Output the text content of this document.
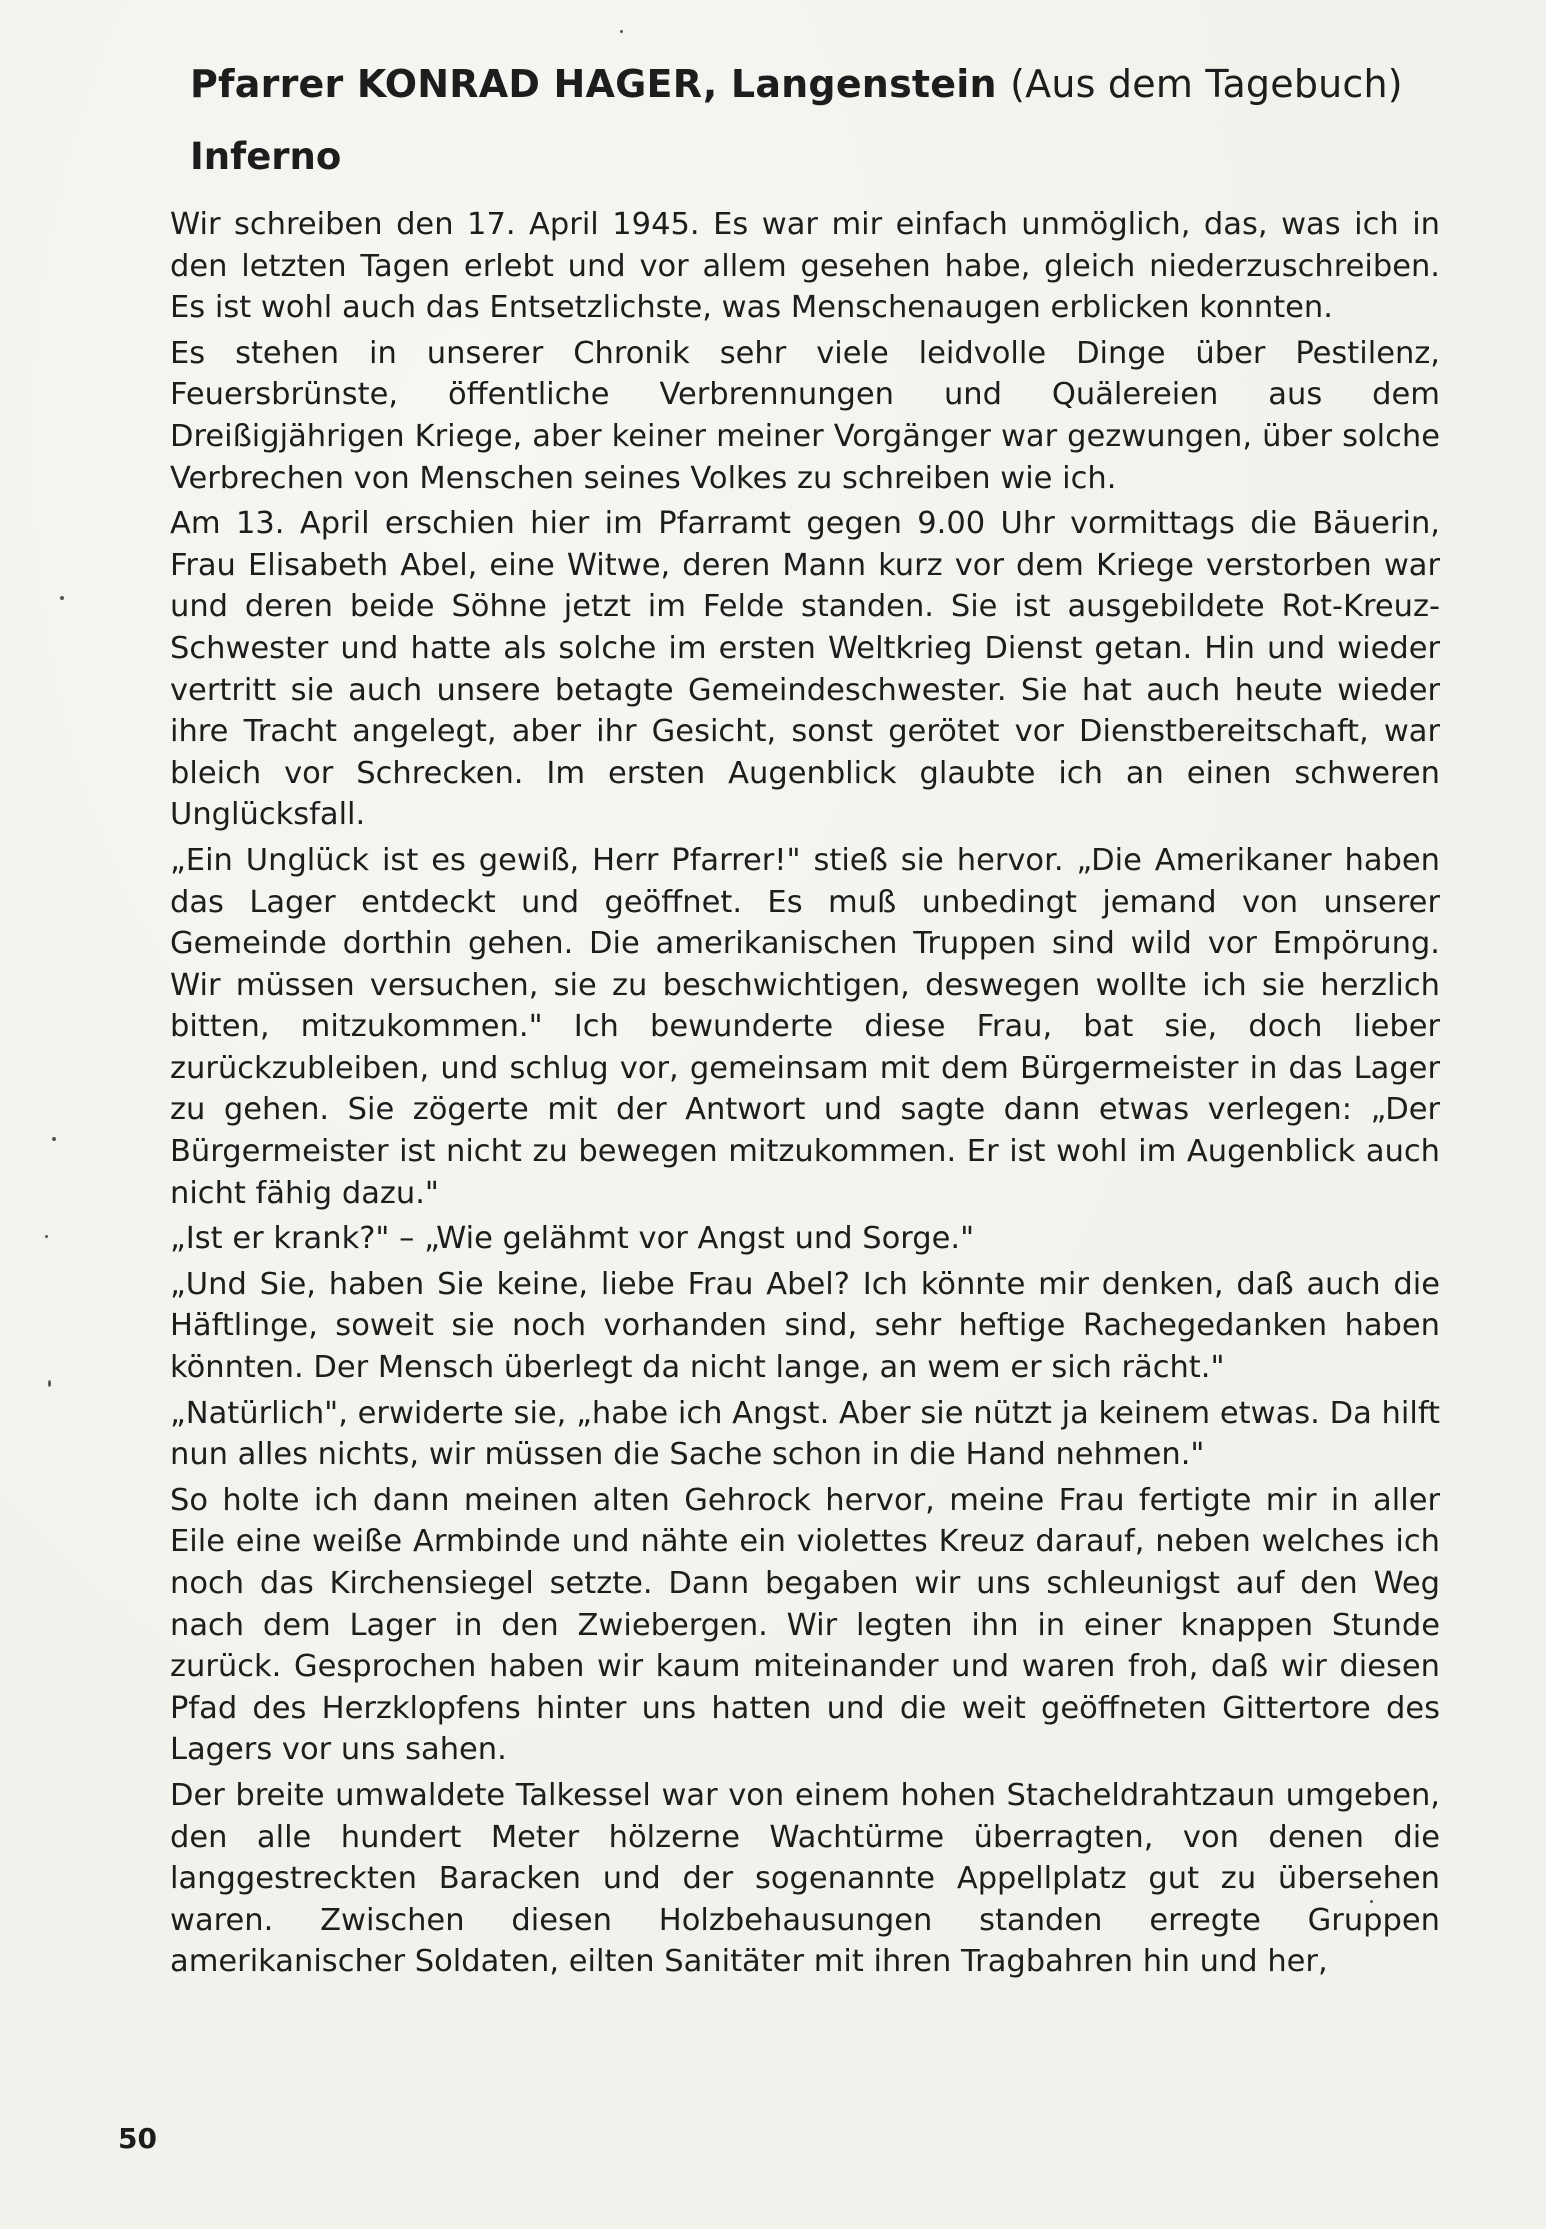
Pfarrer KONRAD HAGER, Langenstein (Aus dem Tagebuch)
Inferno

Wir schreiben den 17. April 1945. Es war mir einfach unmöglich, das, was ich in den letzten Tagen erlebt und vor allem gesehen habe, gleich niederzuschreiben. Es ist wohl auch das Entsetzlichste, was Menschenaugen erblicken konnten.

Es stehen in unserer Chronik sehr viele leidvolle Dinge über Pestilenz, Feuersbrünste, öffentliche Verbrennungen und Quälereien aus dem Dreißigjährigen Kriege, aber keiner meiner Vorgänger war gezwungen, über solche Verbrechen von Menschen seines Volkes zu schreiben wie ich.

Am 13. April erschien hier im Pfarramt gegen 9.00 Uhr vormittags die Bäuerin, Frau Elisabeth Abel, eine Witwe, deren Mann kurz vor dem Kriege verstorben war und deren beide Söhne jetzt im Felde standen. Sie ist ausgebildete Rot-Kreuz-Schwester und hatte als solche im ersten Weltkrieg Dienst getan. Hin und wieder vertritt sie auch unsere betagte Gemeindeschwester. Sie hat auch heute wieder ihre Tracht angelegt, aber ihr Gesicht, sonst gerötet vor Dienstbereitschaft, war bleich vor Schrecken. Im ersten Augenblick glaubte ich an einen schweren Unglücksfall.

„Ein Unglück ist es gewiß, Herr Pfarrer!" stieß sie hervor. „Die Amerikaner haben das Lager entdeckt und geöffnet. Es muß unbedingt jemand von unserer Gemeinde dorthin gehen. Die amerikanischen Truppen sind wild vor Empörung. Wir müssen versuchen, sie zu beschwichtigen, deswegen wollte ich sie herzlich bitten, mitzukommen." Ich bewunderte diese Frau, bat sie, doch lieber zurückzubleiben, und schlug vor, gemeinsam mit dem Bürgermeister in das Lager zu gehen. Sie zögerte mit der Antwort und sagte dann etwas verlegen: „Der Bürgermeister ist nicht zu bewegen mitzukommen. Er ist wohl im Augenblick auch nicht fähig dazu."

„Ist er krank?" – „Wie gelähmt vor Angst und Sorge."

„Und Sie, haben Sie keine, liebe Frau Abel? Ich könnte mir denken, daß auch die Häftlinge, soweit sie noch vorhanden sind, sehr heftige Rachegedanken haben könnten. Der Mensch überlegt da nicht lange, an wem er sich rächt."

„Natürlich", erwiderte sie, „habe ich Angst. Aber sie nützt ja keinem etwas. Da hilft nun alles nichts, wir müssen die Sache schon in die Hand nehmen."

So holte ich dann meinen alten Gehrock hervor, meine Frau fertigte mir in aller Eile eine weiße Armbinde und nähte ein violettes Kreuz darauf, neben welches ich noch das Kirchensiegel setzte. Dann begaben wir uns schleunigst auf den Weg nach dem Lager in den Zwiebergen. Wir legten ihn in einer knappen Stunde zurück. Gesprochen haben wir kaum miteinander und waren froh, daß wir diesen Pfad des Herzklopfens hinter uns hatten und die weit geöffneten Gittertore des Lagers vor uns sahen.

Der breite umwaldete Talkessel war von einem hohen Stacheldrahtzaun umgeben, den alle hundert Meter hölzerne Wachtürme überragten, von denen die langgestreckten Baracken und der sogenannte Appellplatz gut zu übersehen waren. Zwischen diesen Holzbehausungen standen erregte Gruppen amerikanischer Soldaten, eilten Sanitäter mit ihren Tragbahren hin und her,

50
